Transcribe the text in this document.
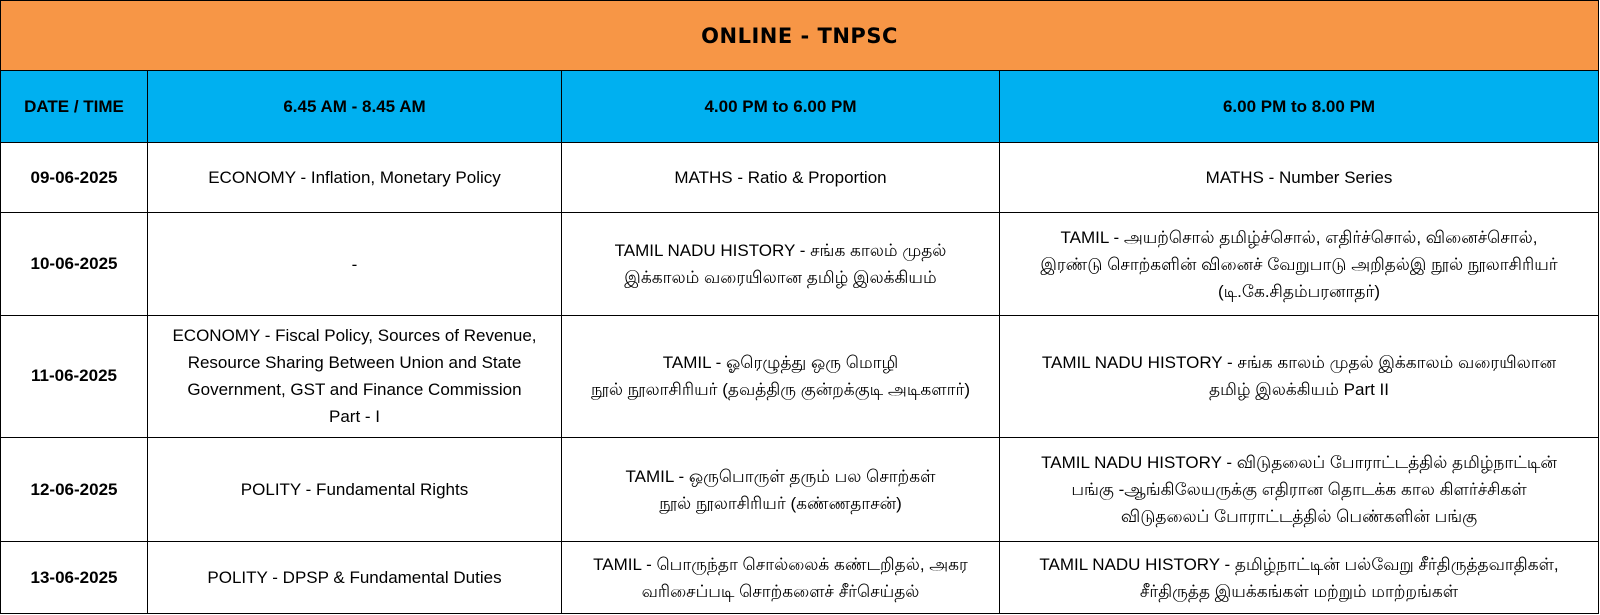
ONLINE - TNPSC			
DATE / TIME	6.45 AM - 8.45 AM	4.00 PM to 6.00 PM	6.00 PM to 8.00 PM
09-06-2025	ECONOMY - Inflation, Monetary Policy	MATHS - Ratio & Proportion	MATHS - Number Series

10-06-2025	-	TAMIL NADU HISTORY - சங்க காலம் முதல்
இக்காலம் வரையிலான தமிழ் இலக்கியம்	TAMIL - அயற்சொல் தமிழ்ச்சொல், எதிர்ச்சொல், வினைச்சொல்,
இரண்டு சொற்களின் வினைச் வேறுபாடு அறிதல்இ நூல் நூலாசிரியர்
(டி.கே.சிதம்பரனாதர்)

11-06-2025	ECONOMY - Fiscal Policy, Sources of Revenue,
Resource Sharing Between Union and State
Government, GST and Finance Commission
Part - I	TAMIL - ஓரெழுத்து ஒரு மொழி
நூல் நூலாசிரியர் (தவத்திரு குன்றக்குடி அடிகளார்)	TAMIL NADU HISTORY - சங்க காலம் முதல் இக்காலம் வரையிலான
தமிழ் இலக்கியம் Part II

12-06-2025	POLITY - Fundamental Rights	TAMIL - ஒருபொருள் தரும் பல சொற்கள்
நூல் நூலாசிரியர் (கண்ணதாசன்)	TAMIL NADU HISTORY - விடுதலைப் போராட்டத்தில் தமிழ்நாட்டின்
பங்கு -ஆங்கிலேயருக்கு எதிரான தொடக்க கால கிளர்ச்சிகள்
விடுதலைப் போராட்டத்தில் பெண்களின் பங்கு

13-06-2025	POLITY - DPSP & Fundamental Duties	TAMIL - பொருந்தா சொல்லைக் கண்டறிதல், அகர
வரிசைப்படி சொற்களைச் சீர்செய்தல்	TAMIL NADU HISTORY - தமிழ்நாட்டின் பல்வேறு சீர்திருத்தவாதிகள்,
சீர்திருத்த இயக்கங்கள் மற்றும் மாற்றங்கள்
